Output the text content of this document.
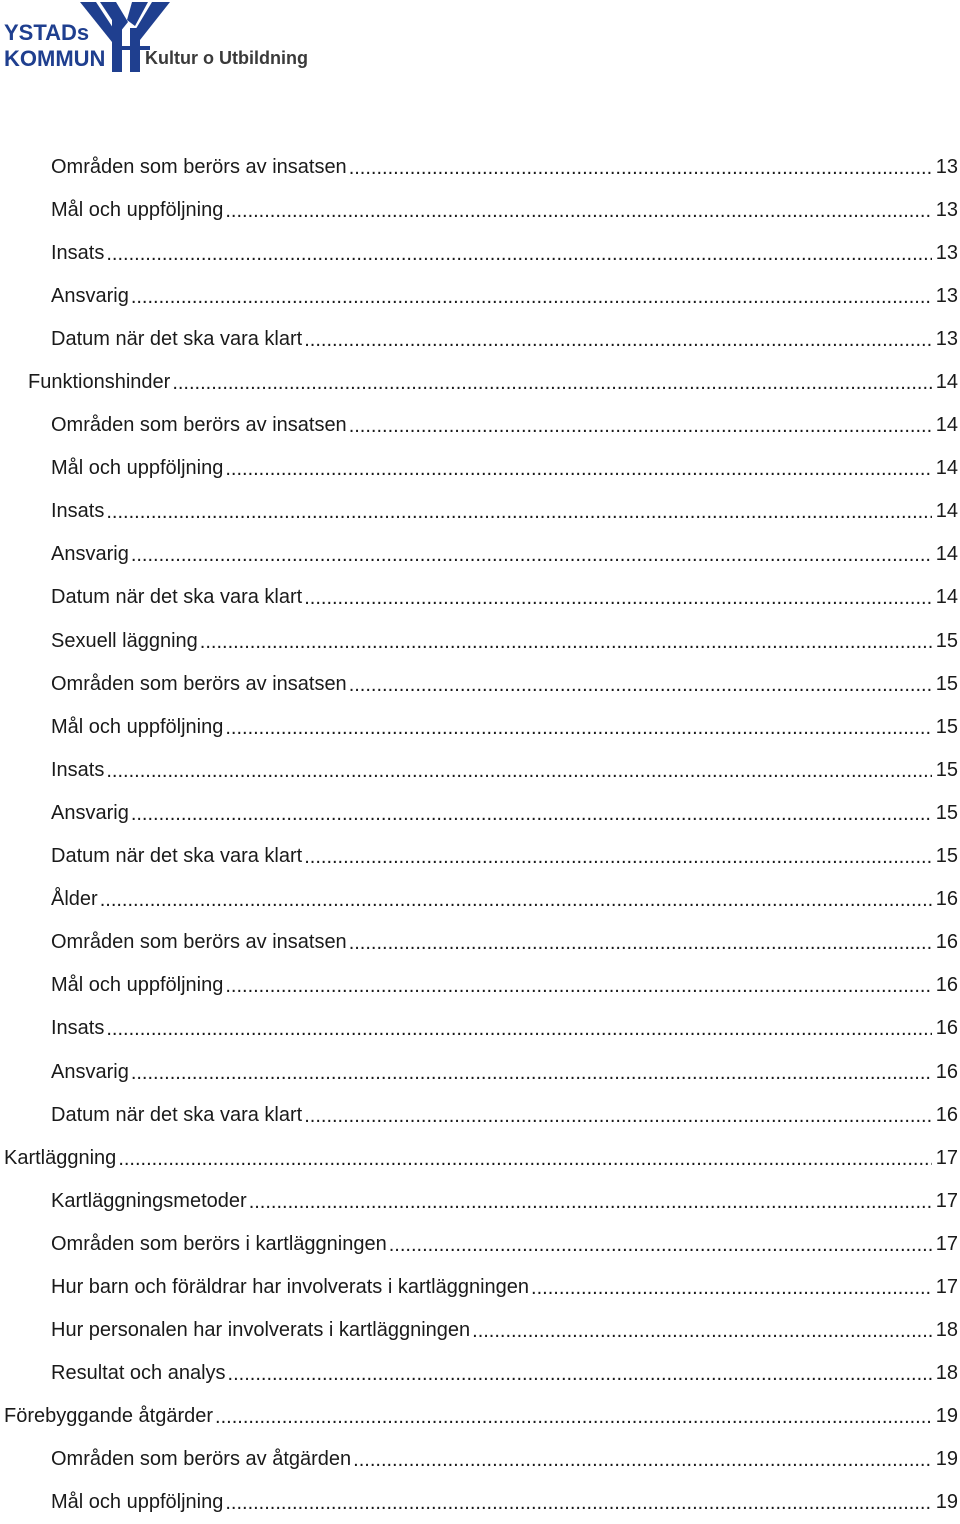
YSTADs
KOMMUN Kultur o Utbildning
Områden som berörs av insatsen .....	13
Mål och uppföljning .....	13
Insats .....	13
Ansvarig .....	13
Datum när det ska vara klart .....	13
Funktionshinder .....	14
Områden som berörs av insatsen .....	14
Mål och uppföljning .....	14
Insats .....	14
Ansvarig .....	14
Datum när det ska vara klart .....	14
Sexuell läggning .....	15
Områden som berörs av insatsen .....	15
Mål och uppföljning .....	15
Insats .....	15
Ansvarig .....	15
Datum när det ska vara klart .....	15
Ålder .....	16
Områden som berörs av insatsen .....	16
Mål och uppföljning .....	16
Insats .....	16
Ansvarig .....	16
Datum när det ska vara klart .....	16
Kartläggning .....	17
Kartläggningsmetoder .....	17
Områden som berörs i kartläggningen .....	17
Hur barn och föräldrar har involverats i kartläggningen .....	17
Hur personalen har involverats i kartläggningen .....	18
Resultat och analys .....	18
Förebyggande åtgärder .....	19
Områden som berörs av åtgärden .....	19
Mål och uppföljning .....	19
